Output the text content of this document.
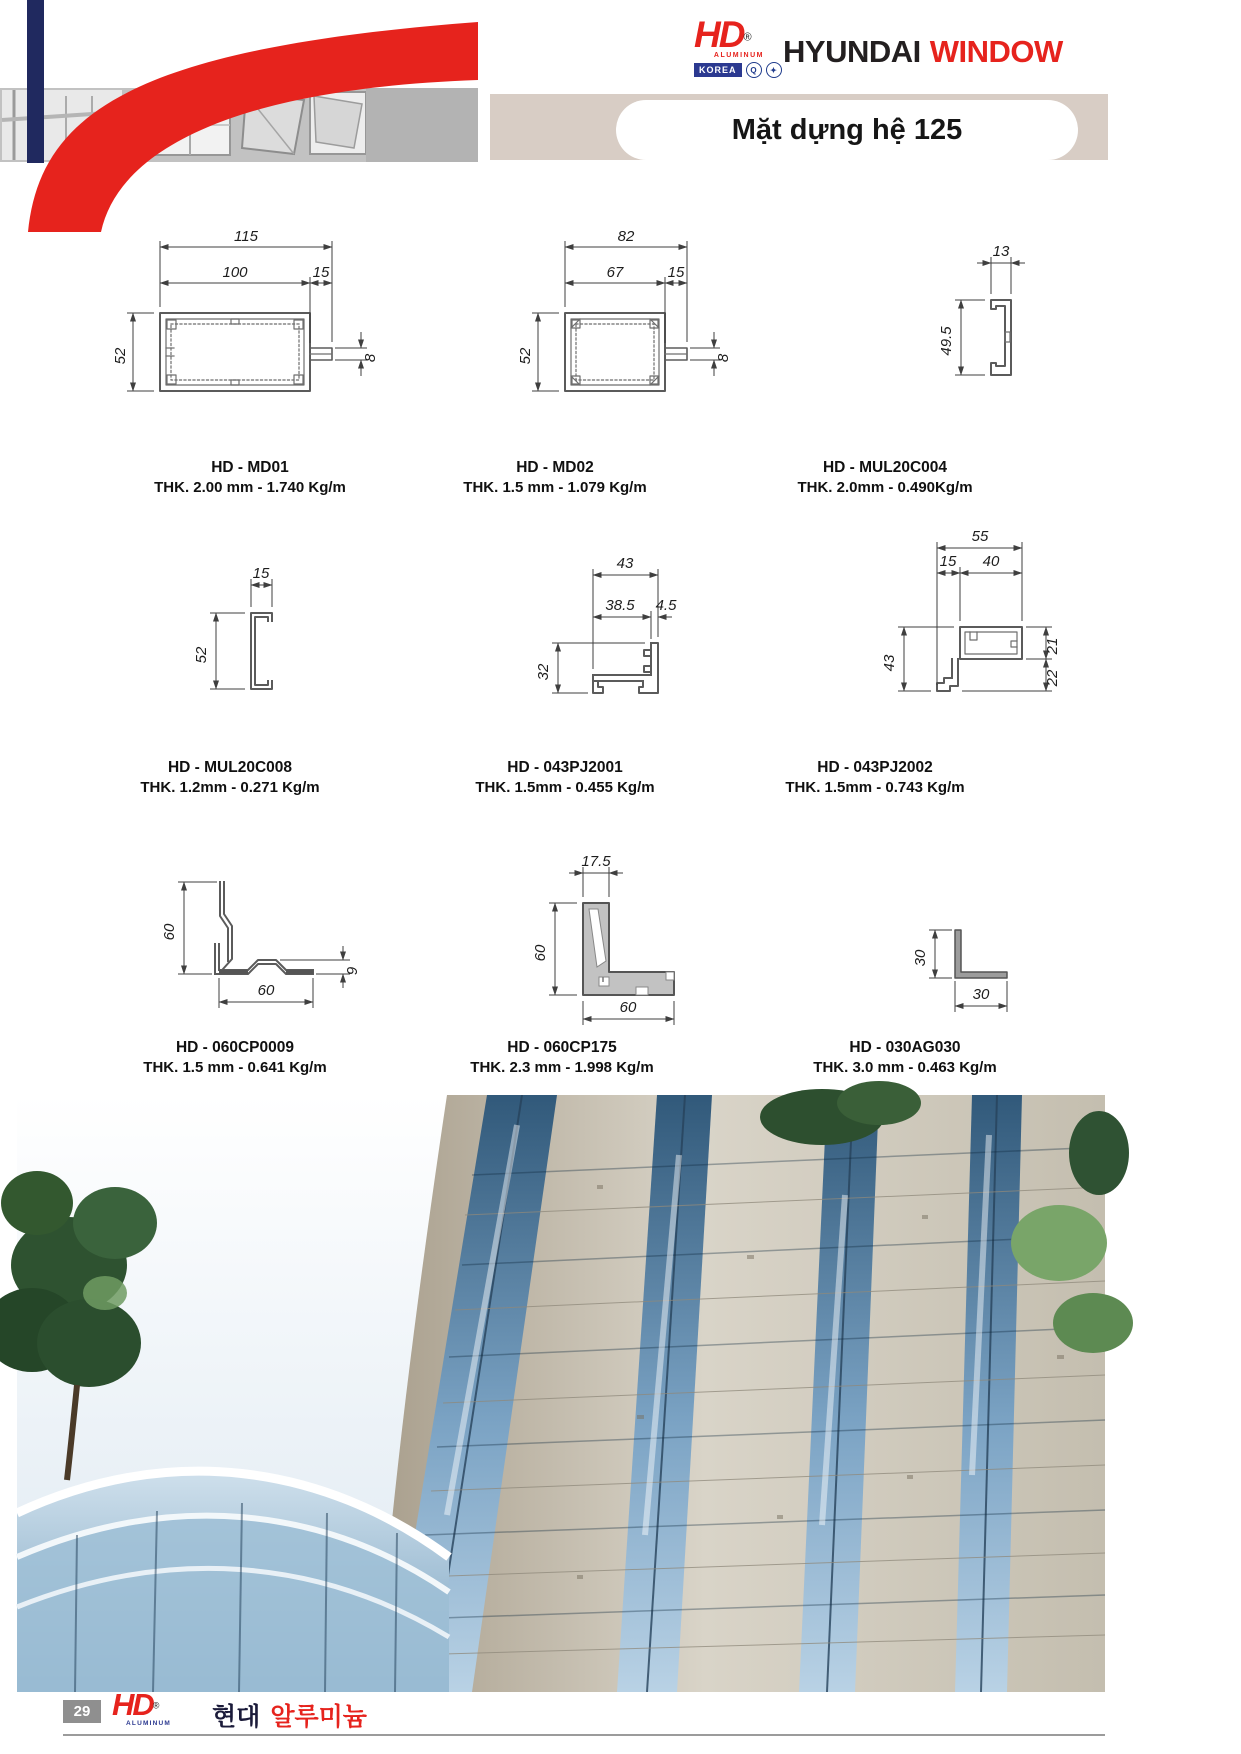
Mặt dựng hệ 125
HD®
ALUMINUM
KOREA	Q	✦
HYUNDAI WINDOW
115
100	15
52	8
82
67	15
52	8
13
49.5
15
52
43
38.5 4.5
32
55
15 40
43
21
22
60
60
9
17.5
60
60
30
30
HD - MD01
THK. 2.00 mm - 1.740 Kg/m
HD - MD02
THK. 1.5 mm - 1.079 Kg/m
HD - MUL20C004
THK. 2.0mm - 0.490Kg/m
HD - MUL20C008
THK. 1.2mm - 0.271 Kg/m
HD - 043PJ2001
THK. 1.5mm - 0.455 Kg/m
HD - 043PJ2002
THK. 1.5mm - 0.743 Kg/m
HD - 060CP0009
THK. 1.5 mm - 0.641 Kg/m
HD - 060CP175
THK. 2.3 mm - 1.998 Kg/m
HD - 030AG030
THK. 3.0 mm - 0.463 Kg/m
29 HD®
ALUMINUM	현대 알루미늄
